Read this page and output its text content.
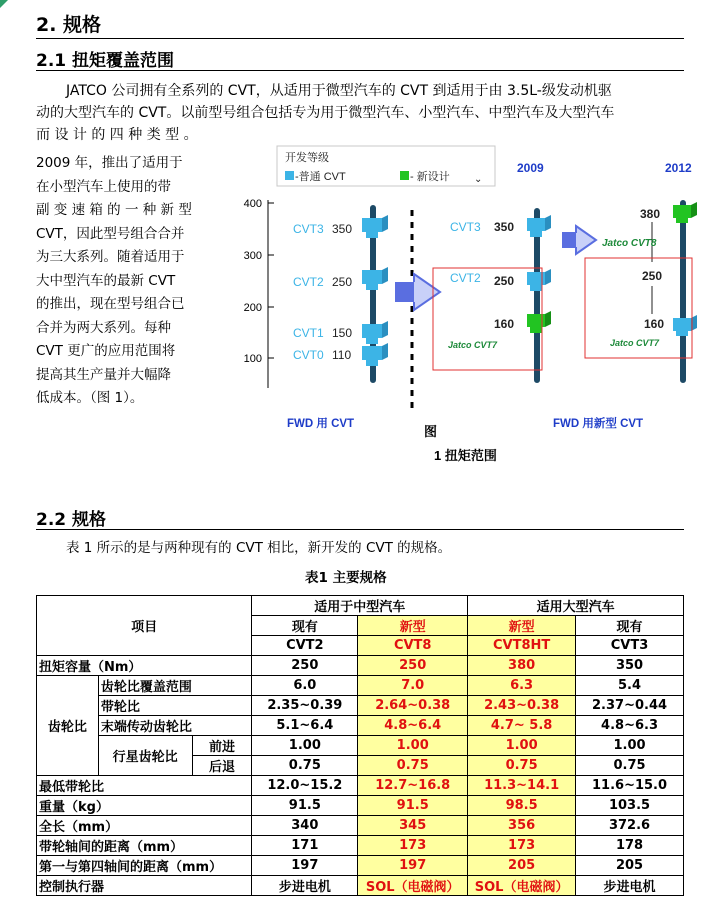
2. 规格
2.1 扭矩覆盖范围
JATCO 公司拥有全系列的 CVT，从适用于微型汽车的 CVT 到适用于由 3.5L-级发动机驱
动的大型汽车的 CVT。以前型号组合包括专为用于微型汽车、小型汽车、中型汽车及大型汽车
而 设 计 的 四 种 类 型 。
2009 年，推出了适用于
在小型汽车上使用的带
副 变 速 箱 的 一 种 新 型
CVT，因此型号组合合并
为三大系列。随着适用于
大中型汽车的最新 CVT
的推出，现在型号组合已
合并为两大系列。每种
CVT 更广的应用范围将
提高其生产量并大幅降
低成本。（图 1）。
开发等级
-普通 CVT	- 新设计 ⌄
2009	2012
400
300
200
100
CVT3 350
CVT2 250
CVT1 150
CVT0 110
CVT3 350
CVT2 250
160
Jatco CVT7
380
250
160
Jatco CVT8
Jatco CVT7
FWD 用 CVT	FWD 用新型 CVT
图
1 扭矩范围
2.2 规格
表 1 所示的是与两种现有的 CVT 相比，新开发的 CVT 的规格。
表1 主要规格
项目			适用于中型汽车		适用大型汽车	
			现有	新型	新型	现有
			CVT2	CVT8	CVT8HT	CVT3
扭矩容量（Nm）			250	250	380	350
齿轮比	齿轮比覆盖范围		6.0	7.0	6.3	5.4
	带轮比		2.35~0.39	2.64~0.38	2.43~0.38	2.37~0.44
	末端传动齿轮比		5.1~6.4	4.8~6.4	4.7~ 5.8	4.8~6.3
	行星齿轮比	前进	1.00	1.00	1.00	1.00
		后退	0.75	0.75	0.75	0.75
最低带轮比			12.0~15.2	12.7~16.8	11.3~14.1	11.6~15.0
重量（kg）			91.5	91.5	98.5	103.5
全长（mm）			340	345	356	372.6
带轮轴间的距离（mm）			171	173	173	178
第一与第四轴间的距离（mm）			197	197	205	205
控制执行器			步进电机	SOL（电磁阀）	SOL（电磁阀）	步进电机
